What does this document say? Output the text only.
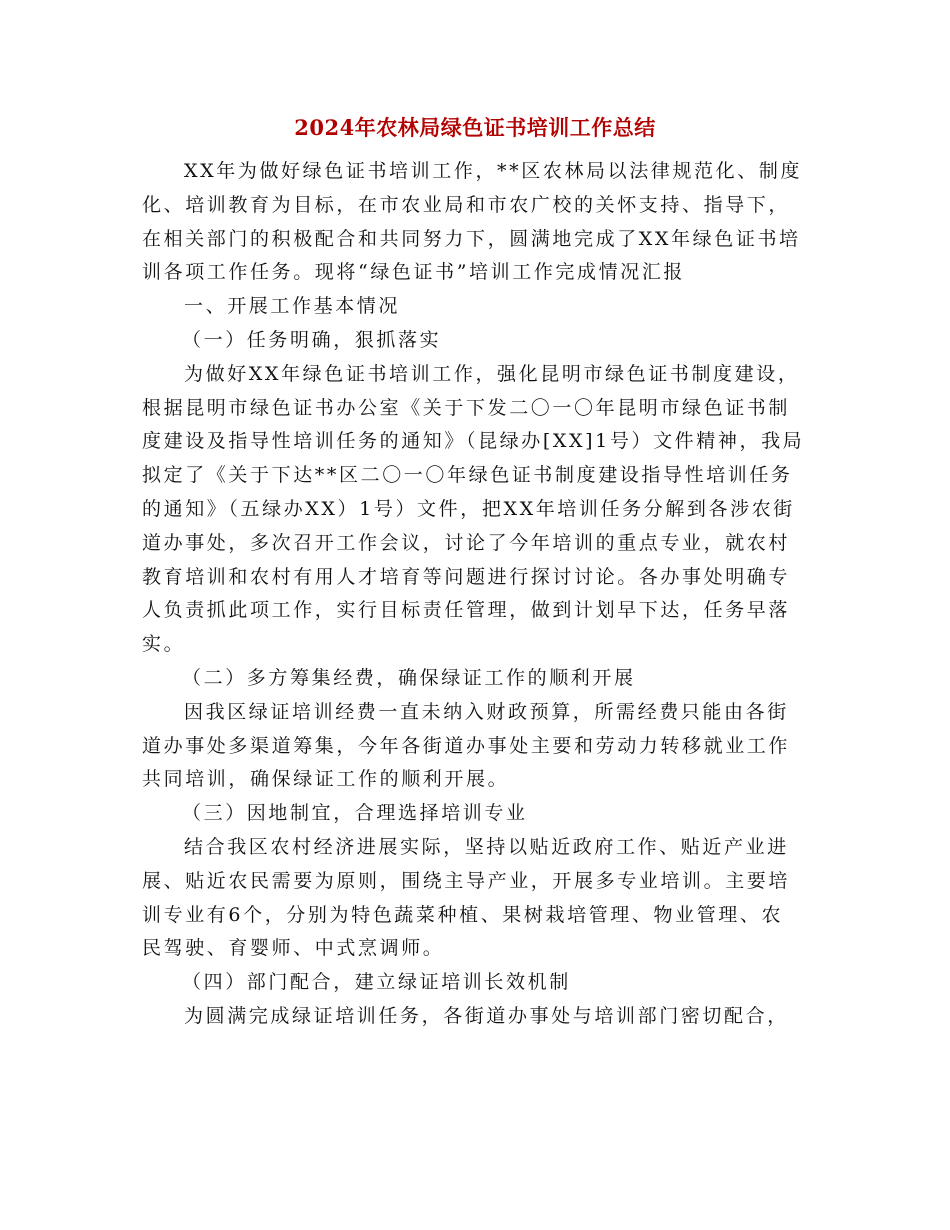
2024年农林局绿色证书培训工作总结
XX年为做好绿色证书培训工作，**区农林局以法律规范化、制度
化、培训教育为目标，在市农业局和市农广校的关怀支持、指导下，
在相关部门的积极配合和共同努力下，圆满地完成了XX年绿色证书培
训各项工作任务。现将“绿色证书”培训工作完成情况汇报
一、开展工作基本情况
（一）任务明确，狠抓落实
为做好XX年绿色证书培训工作，强化昆明市绿色证书制度建设，
根据昆明市绿色证书办公室《关于下发二〇一〇年昆明市绿色证书制
度建设及指导性培训任务的通知》（昆绿办[XX]1号）文件精神，我局
拟定了《关于下达**区二〇一〇年绿色证书制度建设指导性培训任务
的通知》（五绿办XX）1号）文件，把XX年培训任务分解到各涉农街
道办事处，多次召开工作会议，讨论了今年培训的重点专业，就农村
教育培训和农村有用人才培育等问题进行探讨讨论。各办事处明确专
人负责抓此项工作，实行目标责任管理，做到计划早下达，任务早落
实。
（二）多方筹集经费，确保绿证工作的顺利开展
因我区绿证培训经费一直未纳入财政预算，所需经费只能由各街
道办事处多渠道筹集，今年各街道办事处主要和劳动力转移就业工作
共同培训，确保绿证工作的顺利开展。
（三）因地制宜，合理选择培训专业
结合我区农村经济进展实际，坚持以贴近政府工作、贴近产业进
展、贴近农民需要为原则，围绕主导产业，开展多专业培训。主要培
训专业有6个，分别为特色蔬菜种植、果树栽培管理、物业管理、农
民驾驶、育婴师、中式烹调师。
（四）部门配合，建立绿证培训长效机制
为圆满完成绿证培训任务，各街道办事处与培训部门密切配合，
